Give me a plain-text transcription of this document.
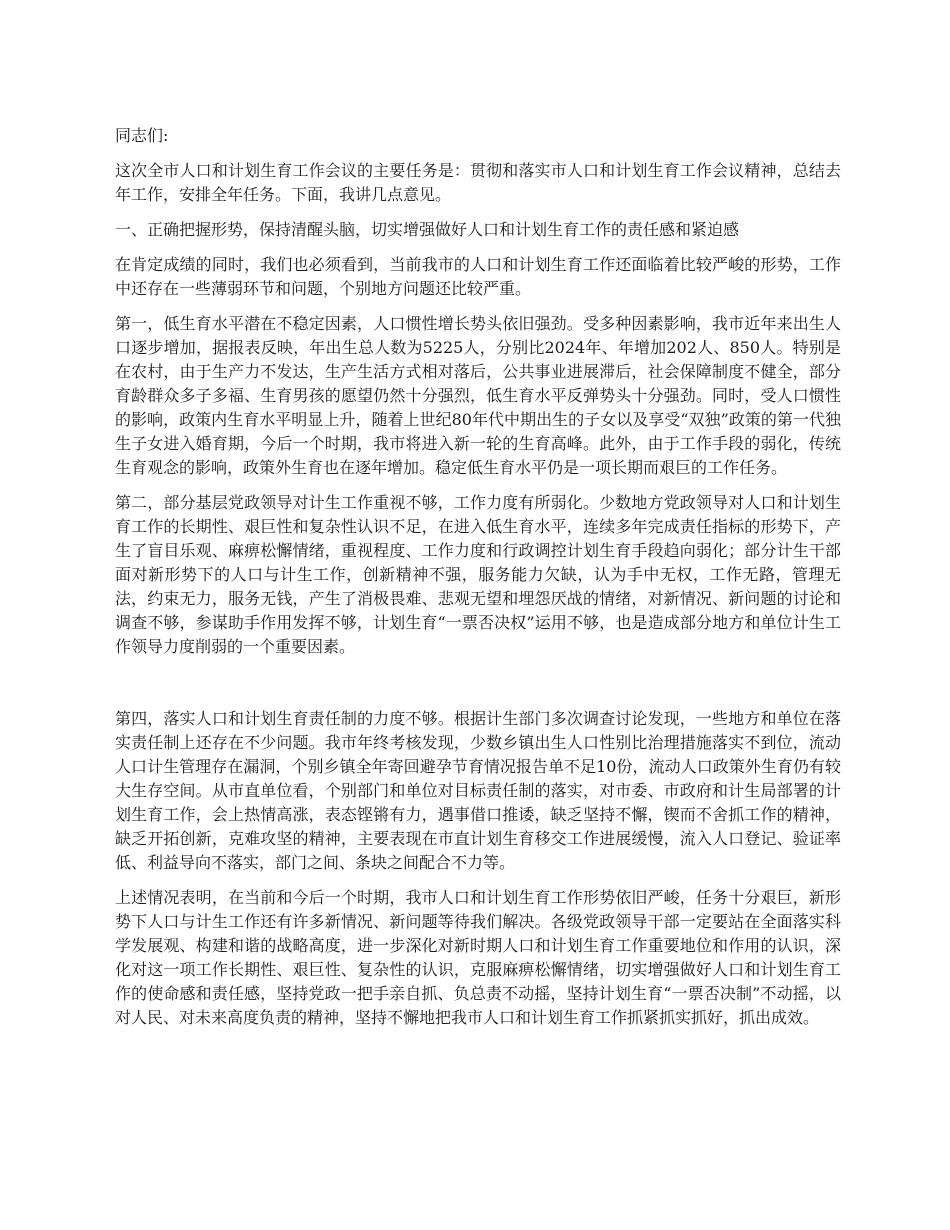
同志们:

这次全市人口和计划生育工作会议的主要任务是：贯彻和落实市人口和计划生育工作会议精神，总结去年工作，安排全年任务。下面，我讲几点意见。

一、正确把握形势，保持清醒头脑，切实增强做好人口和计划生育工作的责任感和紧迫感

在肯定成绩的同时，我们也必须看到，当前我市的人口和计划生育工作还面临着比较严峻的形势，工作中还存在一些薄弱环节和问题，个别地方问题还比较严重。

第一，低生育水平潜在不稳定因素，人口惯性增长势头依旧强劲。受多种因素影响，我市近年来出生人口逐步增加，据报表反映，年出生总人数为5225人，分别比2024年、年增加202人、850人。特别是在农村，由于生产力不发达，生产生活方式相对落后，公共事业进展滞后，社会保障制度不健全，部分育龄群众多子多福、生育男孩的愿望仍然十分强烈，低生育水平反弹势头十分强劲。同时，受人口惯性的影响，政策内生育水平明显上升，随着上世纪80年代中期出生的子女以及享受“双独”政策的第一代独生子女进入婚育期，今后一个时期，我市将进入新一轮的生育高峰。此外，由于工作手段的弱化，传统生育观念的影响，政策外生育也在逐年增加。稳定低生育水平仍是一项长期而艰巨的工作任务。

第二，部分基层党政领导对计生工作重视不够，工作力度有所弱化。少数地方党政领导对人口和计划生育工作的长期性、艰巨性和复杂性认识不足，在进入低生育水平，连续多年完成责任指标的形势下，产生了盲目乐观、麻痹松懈情绪，重视程度、工作力度和行政调控计划生育手段趋向弱化；部分计生干部面对新形势下的人口与计生工作，创新精神不强，服务能力欠缺，认为手中无权，工作无路，管理无法，约束无力，服务无钱，产生了消极畏难、悲观无望和埋怨厌战的情绪，对新情况、新问题的讨论和调查不够，参谋助手作用发挥不够，计划生育“一票否决权”运用不够，也是造成部分地方和单位计生工作领导力度削弱的一个重要因素。

第四，落实人口和计划生育责任制的力度不够。根据计生部门多次调查讨论发现，一些地方和单位在落实责任制上还存在不少问题。我市年终考核发现，少数乡镇出生人口性别比治理措施落实不到位，流动人口计生管理存在漏洞，个别乡镇全年寄回避孕节育情况报告单不足10份，流动人口政策外生育仍有较大生存空间。从市直单位看，个别部门和单位对目标责任制的落实，对市委、市政府和计生局部署的计划生育工作，会上热情高涨，表态铿锵有力，遇事借口推诿，缺乏坚持不懈，锲而不舍抓工作的精神，缺乏开拓创新，克难攻坚的精神，主要表现在市直计划生育移交工作进展缓慢，流入人口登记、验证率低、利益导向不落实，部门之间、条块之间配合不力等。

上述情况表明，在当前和今后一个时期，我市人口和计划生育工作形势依旧严峻，任务十分艰巨，新形势下人口与计生工作还有许多新情况、新问题等待我们解决。各级党政领导干部一定要站在全面落实科学发展观、构建和谐的战略高度，进一步深化对新时期人口和计划生育工作重要地位和作用的认识，深化对这一项工作长期性、艰巨性、复杂性的认识，克服麻痹松懈情绪，切实增强做好人口和计划生育工作的使命感和责任感，坚持党政一把手亲自抓、负总责不动摇，坚持计划生育“一票否决制”不动摇，以对人民、对未来高度负责的精神，坚持不懈地把我市人口和计划生育工作抓紧抓实抓好，抓出成效。
